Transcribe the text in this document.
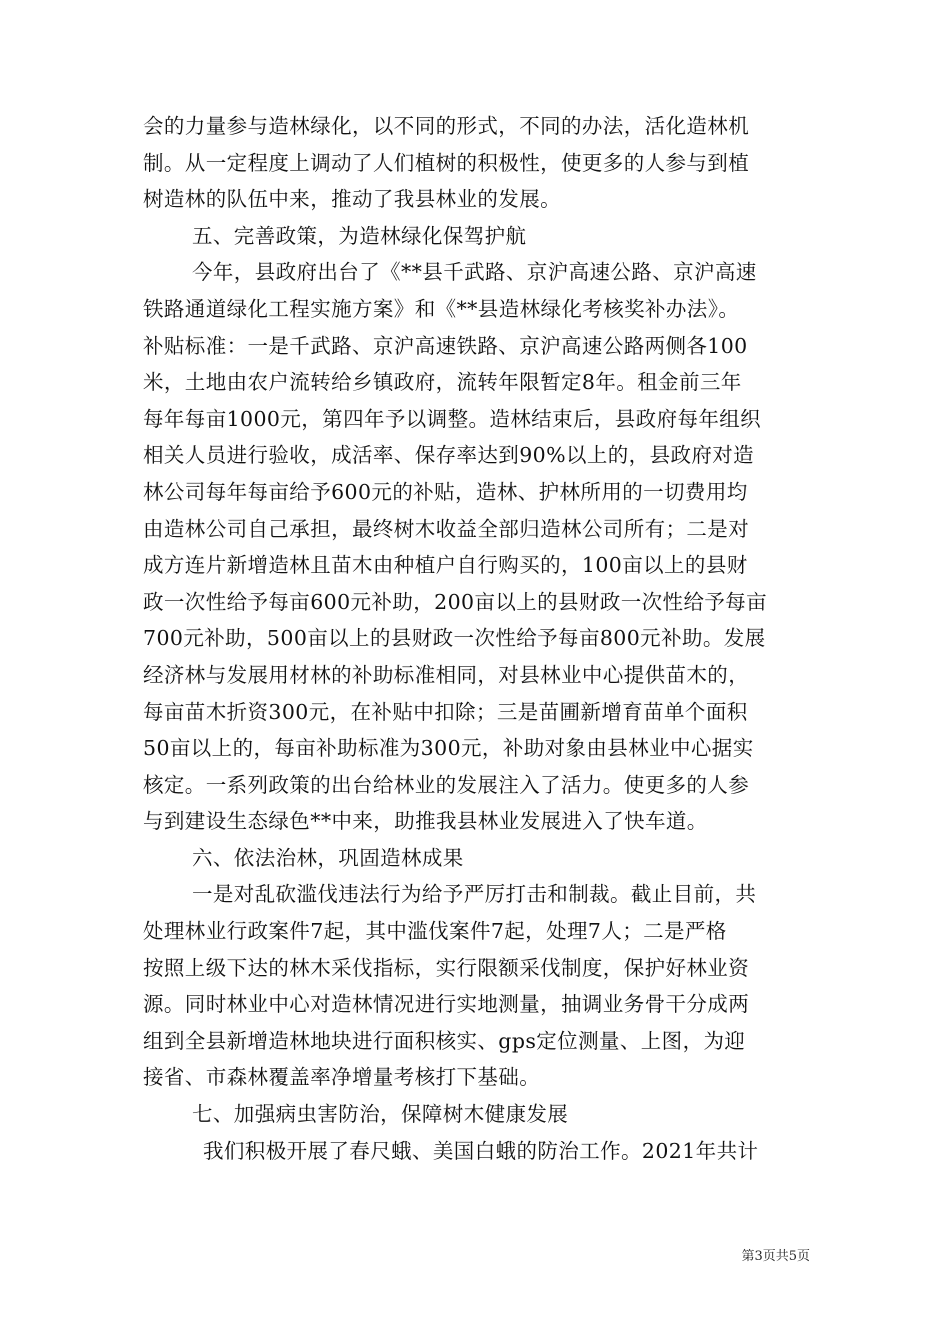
会的力量参与造林绿化，以不同的形式，不同的办法，活化造林机
制。从一定程度上调动了人们植树的积极性，使更多的人参与到植
树造林的队伍中来，推动了我县林业的发展。
五、完善政策，为造林绿化保驾护航
今年，县政府出台了《**县千武路、京沪高速公路、京沪高速
铁路通道绿化工程实施方案》和《**县造林绿化考核奖补办法》。
补贴标准：一是千武路、京沪高速铁路、京沪高速公路两侧各100
米，土地由农户流转给乡镇政府，流转年限暂定8年。租金前三年
每年每亩1000元，第四年予以调整。造林结束后，县政府每年组织
相关人员进行验收，成活率、保存率达到90%以上的，县政府对造
林公司每年每亩给予600元的补贴，造林、护林所用的一切费用均
由造林公司自己承担，最终树木收益全部归造林公司所有；二是对
成方连片新增造林且苗木由种植户自行购买的，100亩以上的县财
政一次性给予每亩600元补助，200亩以上的县财政一次性给予每亩
700元补助，500亩以上的县财政一次性给予每亩800元补助。发展
经济林与发展用材林的补助标准相同，对县林业中心提供苗木的，
每亩苗木折资300元，在补贴中扣除；三是苗圃新增育苗单个面积
50亩以上的，每亩补助标准为300元，补助对象由县林业中心据实
核定。一系列政策的出台给林业的发展注入了活力。使更多的人参
与到建设生态绿色**中来，助推我县林业发展进入了快车道。
六、依法治林，巩固造林成果
一是对乱砍滥伐违法行为给予严厉打击和制裁。截止目前，共
处理林业行政案件7起，其中滥伐案件7起，处理7人；二是严格
按照上级下达的林木采伐指标，实行限额采伐制度，保护好林业资
源。同时林业中心对造林情况进行实地测量，抽调业务骨干分成两
组到全县新增造林地块进行面积核实、gps定位测量、上图，为迎
接省、市森林覆盖率净增量考核打下基础。
七、加强病虫害防治，保障树木健康发展
我们积极开展了春尺蛾、美国白蛾的防治工作。2021年共计
第3页共5页
